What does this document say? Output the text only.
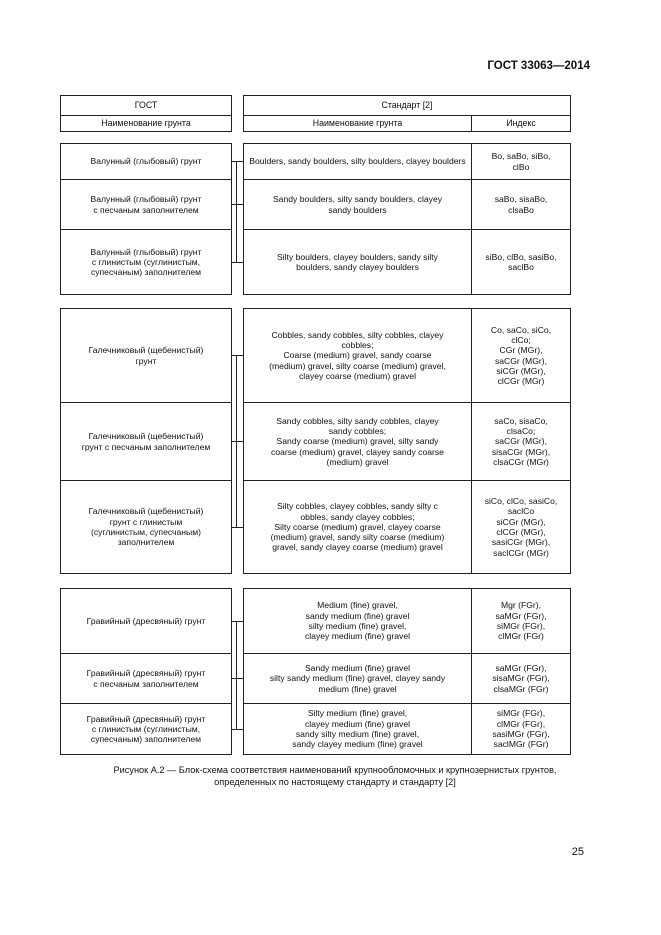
ГОСТ 33063—2014
ГОСТ
Наименование грунта
Стандарт [2]
Наименование грунта	Индекс
Валунный (глыбовый) грунт
Валунный (глыбовый) грунт
с песчаным заполнителем
Валунный (глыбовый) грунт
с глинистым (суглинистым,
супесчаным) заполнителем
Boulders, sandy boulders, silty boulders, clayey boulders
Sandy boulders, silty sandy boulders, clayey
sandy boulders
Silty boulders, clayey boulders, sandy silty
boulders, sandy clayey boulders
Bo, saBo, siBo,
clBo
saBo, sisaBo,
clsaBo
siBo, clBo, sasiBo,
saclBo
Галечниковый (щебенистый)
грунт
Галечниковый (щебенистый)
грунт с песчаным заполнителем
Галечниковый (щебенистый)
грунт с глинистым
(суглинистым, супесчаным)
заполнителем
Cobbles, sandy cobbles, silty cobbles, clayey
cobbles;
Coarse (medium) gravel, sandy coarse
(medium) gravel, silty coarse (medium) gravel,
clayey coarse (medium) gravel
Sandy cobbles, silty sandy cobbles, clayey
sandy cobbles;
Sandy coarse (medium) gravel, silty sandy
coarse (medium) gravel, clayey sandy coarse
(medium) gravel
Silty cobbles, clayey cobbles, sandy silty c
obbles, sandy clayey cobbles;
Silty coarse (medium) gravel, clayey coarse
(medium) gravel, sandy silty coarse (medium)
gravel, sandy clayey coarse (medium) gravel
Co, saCo, siCo,
clCo;
CGr (MGr),
saCGr (MGr),
siCGr (MGr),
clCGr (MGr)
saCo, sisaCo,
clsaCo;
saCGr (MGr),
sisaCGr (MGr),
clsaCGr (MGr)
siCo, clCo, sasiCo,
saclCo
siCGr (MGr),
clCGr (MGr),
sasiCGr (MGr),
saclCGr (MGr)
Гравийный (дресвяный) грунт
Гравийный (дресвяный) грунт
с песчаным заполнителем
Гравийный (дресвяный) грунт
с глинистым (суглинистым,
супесчаным) заполнителем
Medium (fine) gravel,
sandy medium (fine) gravel
silty medium (fine) gravel,
clayey medium (fine) gravel
Sandy medium (fine) gravel
silty sandy medium (fine) gravel, clayey sandy
medium (fine) gravel
Silty medium (fine) gravel,
clayey medium (fine) gravel
sandy silty medium (fine) gravel,
sandy clayey medium (fine) gravel
Mgr (FGr),
saMGr (FGr),
siMGr (FGr),
clMGr (FGr)
saMGr (FGr),
sisaMGr (FGr),
clsaMGr (FGr)
siMGr (FGr),
clMGr (FGr),
sasiMGr (FGr),
saclMGr (FGr)
Рисунок А.2 — Блок-схема соответствия наименований крупнообломочных и крупнозернистых грунтов,
определенных по настоящему стандарту и стандарту [2]
25
